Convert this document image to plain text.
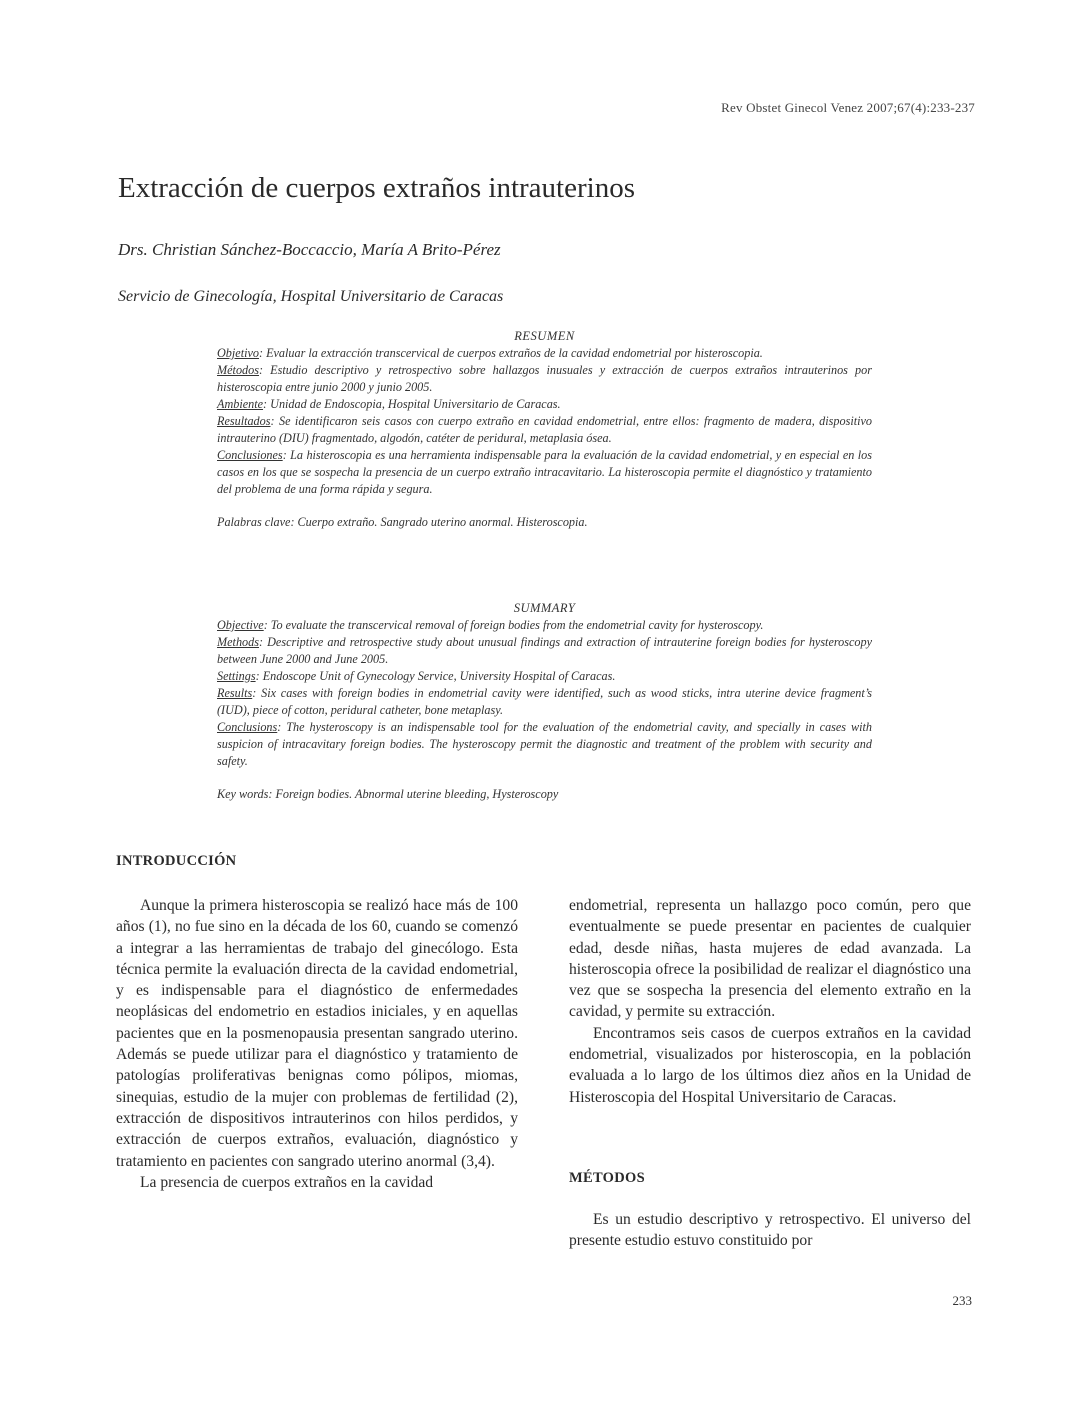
Rev Obstet Ginecol Venez 2007;67(4):233-237
Extracción de cuerpos extraños intrauterinos
Drs. Christian Sánchez-Boccaccio, María A Brito-Pérez
Servicio de Ginecología, Hospital Universitario de Caracas
RESUMEN

Objetivo: Evaluar la extracción transcervical de cuerpos extraños de la cavidad endometrial por histeroscopia.

Métodos: Estudio descriptivo y retrospectivo sobre hallazgos inusuales y extracción de cuerpos extraños intrauterinos por histeroscopia entre junio 2000 y junio 2005.

Ambiente: Unidad de Endoscopia, Hospital Universitario de Caracas.

Resultados: Se identificaron seis casos con cuerpo extraño en cavidad endometrial, entre ellos: fragmento de madera, dispositivo intrauterino (DIU) fragmentado, algodón, catéter de peridural, metaplasia ósea.

Conclusiones: La histeroscopia es una herramienta indispensable para la evaluación de la cavidad endometrial, y en especial en los casos en los que se sospecha la presencia de un cuerpo extraño intracavitario. La histeroscopia permite el diagnóstico y tratamiento del problema de una forma rápida y segura.

Palabras clave: Cuerpo extraño. Sangrado uterino anormal. Histeroscopia.

SUMMARY

Objective: To evaluate the transcervical removal of foreign bodies from the endometrial cavity for hysteroscopy.

Methods: Descriptive and retrospective study about unusual findings and extraction of intrauterine foreign bodies for hysteroscopy between June 2000 and June 2005.

Settings: Endoscope Unit of Gynecology Service, University Hospital of Caracas.

Results: Six cases with foreign bodies in endometrial cavity were identified, such as wood sticks, intra uterine device fragment’s (IUD), piece of cotton, peridural catheter, bone metaplasy.

Conclusions: The hysteroscopy is an indispensable tool for the evaluation of the endometrial cavity, and specially in cases with suspicion of intracavitary foreign bodies. The hysteroscopy permit the diagnostic and treatment of the problem with security and safety.

Key words: Foreign bodies. Abnormal uterine bleeding, Hysteroscopy

INTRODUCCIÓN

Aunque la primera histeroscopia se realizó hace más de 100 años (1), no fue sino en la década de los 60, cuando se comenzó a integrar a las herramientas de trabajo del ginecólogo. Esta técnica permite la evaluación directa de la cavidad endometrial, y es indispensable para el diagnóstico de enfermedades neoplásicas del endometrio en estadios iniciales, y en aquellas pacientes que en la posmenopausia presentan sangrado uterino. Además se puede utilizar para el diagnóstico y tratamiento de patologías proliferativas benignas como pólipos, miomas, sinequias, estudio de la mujer con problemas de fertilidad (2), extracción de dispositivos intrauterinos con hilos perdidos, y extracción de cuerpos extraños, evaluación, diagnóstico y tratamiento en pacientes con sangrado uterino anormal (3,4).

La presencia de cuerpos extraños en la cavidad

endometrial, representa un hallazgo poco común, pero que eventualmente se puede presentar en pacientes de cualquier edad, desde niñas, hasta mujeres de edad avanzada. La histeroscopia ofrece la posibilidad de realizar el diagnóstico una vez que se sospecha la presencia del elemento extraño en la cavidad, y permite su extracción.

Encontramos seis casos de cuerpos extraños en la cavidad endometrial, visualizados por histeroscopia, en la población evaluada a lo largo de los últimos diez años en la Unidad de Histeroscopia del Hospital Universitario de Caracas.

MÉTODOS

Es un estudio descriptivo y retrospectivo. El universo del presente estudio estuvo constituido por

233
